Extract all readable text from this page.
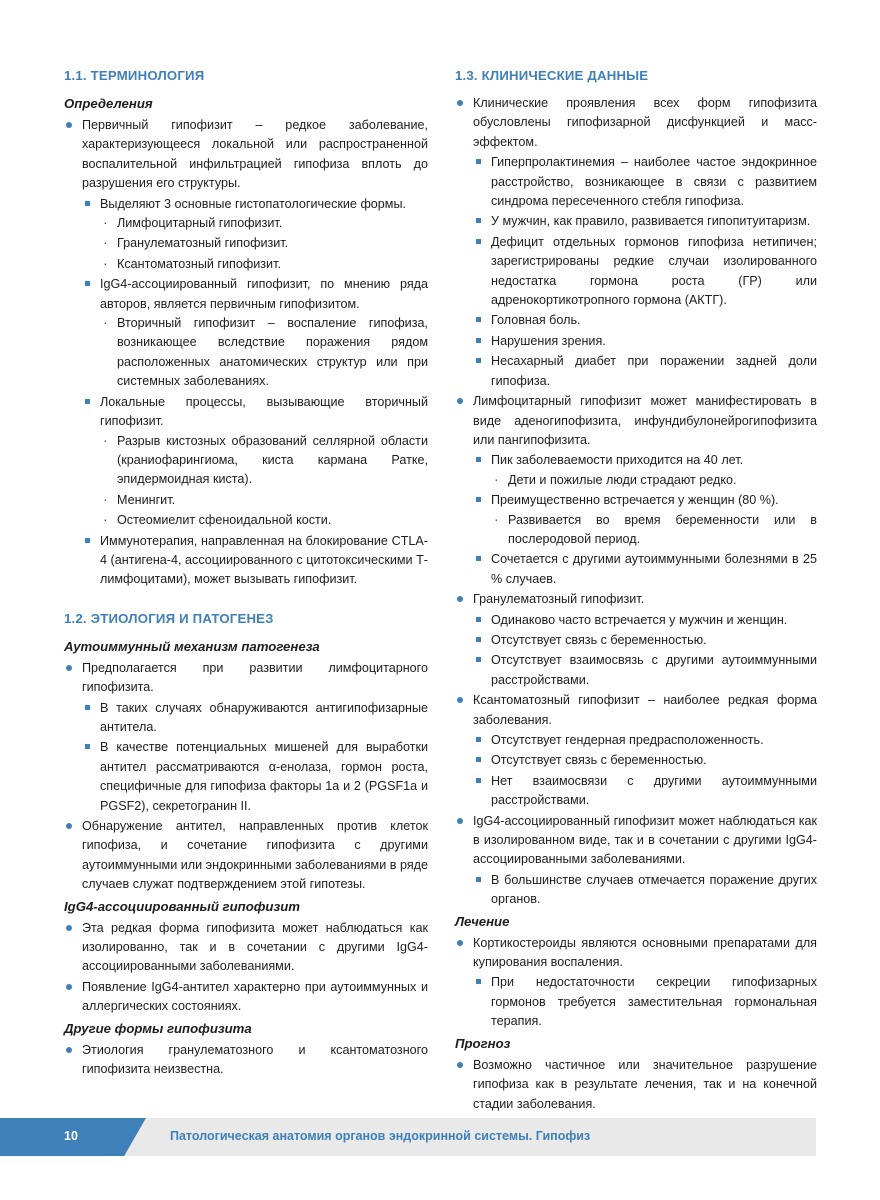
1.1. ТЕРМИНОЛОГИЯ
Определения
Первичный гипофизит – редкое заболевание, характеризующееся локальной или распространенной воспалительной инфильтрацией гипофиза вплоть до разрушения его структуры.
Выделяют 3 основные гистопатологические формы.
· Лимфоцитарный гипофизит.
· Гранулематозный гипофизит.
· Ксантоматозный гипофизит.
IgG4-ассоциированный гипофизит, по мнению ряда авторов, является первичным гипофизитом.
· Вторичный гипофизит – воспаление гипофиза, возникающее вследствие поражения рядом расположенных анатомических структур или при системных заболеваниях.
Локальные процессы, вызывающие вторичный гипофизит.
· Разрыв кистозных образований селлярной области (краниофарингиома, киста кармана Ратке, эпидермоидная киста).
· Менингит.
· Остеомиелит сфеноидальной кости.
Иммунотерапия, направленная на блокирование CTLA-4 (антигена-4, ассоциированного с цитотоксическими Т-лимфоцитами), может вызывать гипофизит.
1.2. ЭТИОЛОГИЯ И ПАТОГЕНЕЗ
Аутоиммунный механизм патогенеза
Предполагается при развитии лимфоцитарного гипофизита.
В таких случаях обнаруживаются антигипофизарные антитела.
В качестве потенциальных мишеней для выработки антител рассматриваются α-енолаза, гормон роста, специфичные для гипофиза факторы 1а и 2 (PGSF1a и PGSF2), секретогранин II.
Обнаружение антител, направленных против клеток гипофиза, и сочетание гипофизита с другими аутоиммунными или эндокринными заболеваниями в ряде случаев служат подтверждением этой гипотезы.
IgG4-ассоциированный гипофизит
Эта редкая форма гипофизита может наблюдаться как изолированно, так и в сочетании с другими IgG4-ассоциированными заболеваниями.
Появление IgG4-антител характерно при аутоиммунных и аллергических состояниях.
Другие формы гипофизита
Этиология гранулематозного и ксантоматозного гипофизита неизвестна.
1.3. КЛИНИЧЕСКИЕ ДАННЫЕ
Клинические проявления всех форм гипофизита обусловлены гипофизарной дисфункцией и масс-эффектом.
Гиперпролактинемия – наиболее частое эндокринное расстройство, возникающее в связи с развитием синдрома пересеченного стебля гипофиза.
У мужчин, как правило, развивается гипопитуитаризм.
Дефицит отдельных гормонов гипофиза нетипичен; зарегистрированы редкие случаи изолированного недостатка гормона роста (ГР) или адренокортикотропного гормона (АКТГ).
Головная боль.
Нарушения зрения.
Несахарный диабет при поражении задней доли гипофиза.
Лимфоцитарный гипофизит может манифестировать в виде аденогипофизита, инфундибулонейрогипофизита или пангипофизита.
Пик заболеваемости приходится на 40 лет.
· Дети и пожилые люди страдают редко.
Преимущественно встречается у женщин (80 %).
· Развивается во время беременности или в послеродовой период.
Сочетается с другими аутоиммунными болезнями в 25 % случаев.
Гранулематозный гипофизит.
Одинаково часто встречается у мужчин и женщин.
Отсутствует связь с беременностью.
Отсутствует взаимосвязь с другими аутоиммунными расстройствами.
Ксантоматозный гипофизит – наиболее редкая форма заболевания.
Отсутствует гендерная предрасположенность.
Отсутствует связь с беременностью.
Нет взаимосвязи с другими аутоиммунными расстройствами.
IgG4-ассоциированный гипофизит может наблюдаться как в изолированном виде, так и в сочетании с другими IgG4-ассоциированными заболеваниями.
В большинстве случаев отмечается поражение других органов.
Лечение
Кортикостероиды являются основными препаратами для купирования воспаления.
При недостаточности секреции гипофизарных гормонов требуется заместительная гормональная терапия.
Прогноз
Возможно частичное или значительное разрушение гипофиза как в результате лечения, так и на конечной стадии заболевания.
10	Патологическая анатомия органов эндокринной системы. Гипофиз
